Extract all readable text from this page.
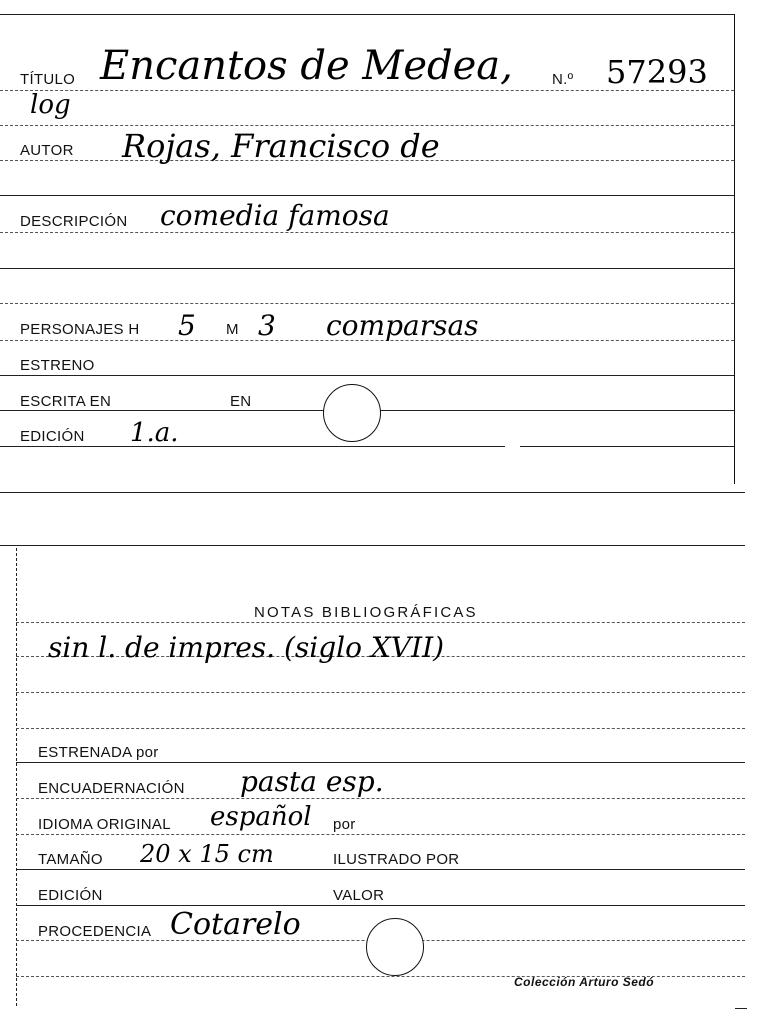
TÍTULO Encantos de Medea,	N.º 57293
log
AUTOR Rojas, Francisco de
DESCRIPCIÓN comedia famosa
PERSONAJES H 5 M 3 comparsas
ESTRENO
ESCRITA EN	EN
EDICIÓN 1.a.
NOTAS BIBLIOGRÁFICAS
sin l. de impres. (siglo XVII)
ESTRENADA por
ENCUADERNACIÓN pasta esp.
IDIOMA ORIGINAL español por
TAMAÑO 20 x 15 cm	ILUSTRADO POR
EDICIÓN	VALOR
PROCEDENCIA Cotarelo
Colección Arturo Sedó
